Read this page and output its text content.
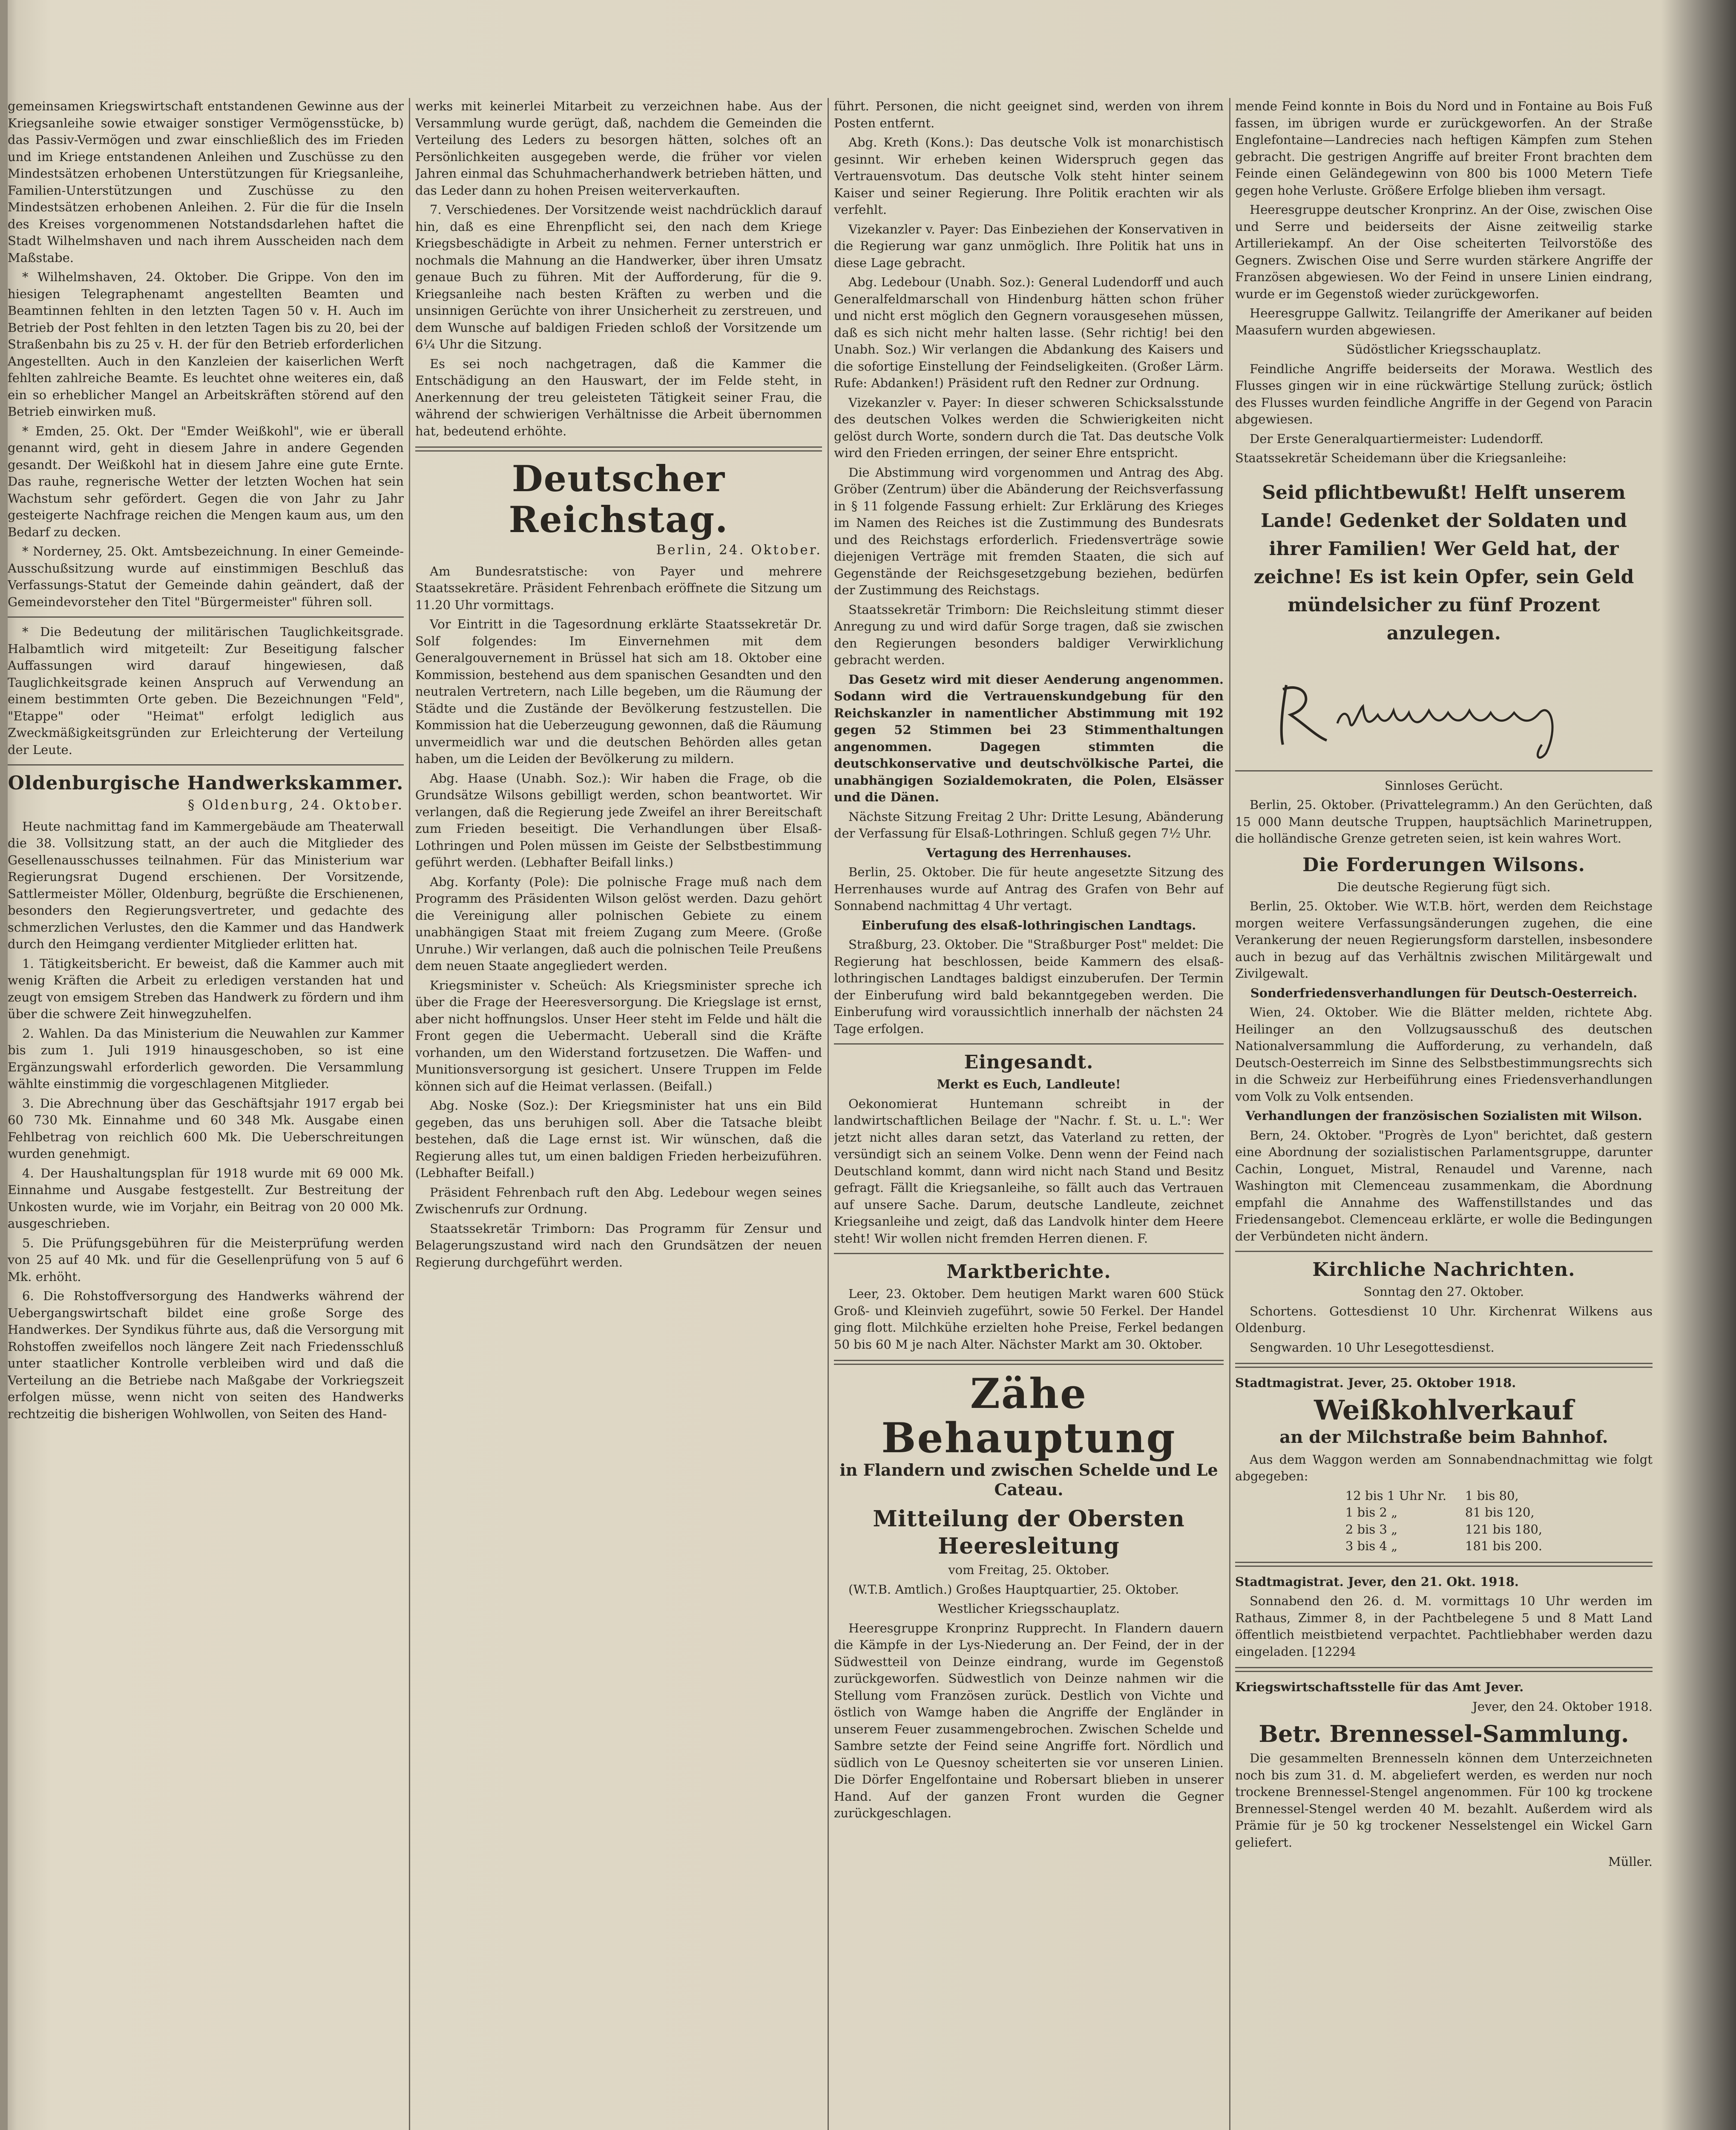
gemeinsamen Kriegswirtschaft entstandenen Gewinne aus der Kriegsanleihe sowie etwaiger sonstiger Vermögensstücke, b) das Passiv-Vermögen und zwar einschließlich des im Frieden und im Kriege entstandenen Anleihen und Zuschüsse zu den Mindestsätzen erhobenen Unterstützungen für Kriegsanleihe, Familien-Unterstützungen und Zuschüsse zu den Mindestsätzen erhobenen Anleihen. 2. Für die für die Inseln des Kreises vorgenommenen Notstandsdarlehen haftet die Stadt Wilhelmshaven und nach ihrem Ausscheiden nach dem Maßstabe.

* Wilhelmshaven, 24. Oktober. Die Grippe. Von den im hiesigen Telegraphenamt angestellten Beamten und Beamtinnen fehlten in den letzten Tagen 50 v. H. Auch im Betrieb der Post fehlten in den letzten Tagen bis zu 20, bei der Straßenbahn bis zu 25 v. H. der für den Betrieb erforderlichen Angestellten. Auch in den Kanzleien der kaiserlichen Werft fehlten zahlreiche Beamte. Es leuchtet ohne weiteres ein, daß ein so erheblicher Mangel an Arbeitskräften störend auf den Betrieb einwirken muß.

* Emden, 25. Okt. Der "Emder Weißkohl", wie er überall genannt wird, geht in diesem Jahre in andere Gegenden gesandt. Der Weißkohl hat in diesem Jahre eine gute Ernte. Das rauhe, regnerische Wetter der letzten Wochen hat sein Wachstum sehr gefördert. Gegen die von Jahr zu Jahr gesteigerte Nachfrage reichen die Mengen kaum aus, um den Bedarf zu decken.

* Norderney, 25. Okt. Amtsbezeichnung. In einer Gemeinde-Ausschußsitzung wurde auf einstimmigen Beschluß das Verfassungs-Statut der Gemeinde dahin geändert, daß der Gemeindevorsteher den Titel "Bürgermeister" führen soll.

* Die Bedeutung der militärischen Tauglichkeitsgrade. Halbamtlich wird mitgeteilt: Zur Beseitigung falscher Auffassungen wird darauf hingewiesen, daß Tauglichkeitsgrade keinen Anspruch auf Verwendung an einem bestimmten Orte geben. Die Bezeichnungen "Feld", "Etappe" oder "Heimat" erfolgt lediglich aus Zweckmäßigkeitsgründen zur Erleichterung der Verteilung der Leute.

Oldenburgische Handwerkskammer.
§ Oldenburg, 24. Oktober.

Heute nachmittag fand im Kammergebäude am Theaterwall die 38. Vollsitzung statt, an der auch die Mitglieder des Gesellenausschusses teilnahmen. Für das Ministerium war Regierungsrat Dugend erschienen. Der Vorsitzende, Sattlermeister Möller, Oldenburg, begrüßte die Erschienenen, besonders den Regierungsvertreter, und gedachte des schmerzlichen Verlustes, den die Kammer und das Handwerk durch den Heimgang verdienter Mitglieder erlitten hat.

1. Tätigkeitsbericht. Er beweist, daß die Kammer auch mit wenig Kräften die Arbeit zu erledigen verstanden hat und zeugt von emsigem Streben das Handwerk zu fördern und ihm über die schwere Zeit hinwegzuhelfen.

2. Wahlen. Da das Ministerium die Neuwahlen zur Kammer bis zum 1. Juli 1919 hinausgeschoben, so ist eine Ergänzungswahl erforderlich geworden. Die Versammlung wählte einstimmig die vorgeschlagenen Mitglieder.

3. Die Abrechnung über das Geschäftsjahr 1917 ergab bei 60 730 Mk. Einnahme und 60 348 Mk. Ausgabe einen Fehlbetrag von reichlich 600 Mk. Die Ueberschreitungen wurden genehmigt.

4. Der Haushaltungsplan für 1918 wurde mit 69 000 Mk. Einnahme und Ausgabe festgestellt. Zur Bestreitung der Unkosten wurde, wie im Vorjahr, ein Beitrag von 20 000 Mk. ausgeschrieben.

5. Die Prüfungsgebühren für die Meisterprüfung werden von 25 auf 40 Mk. und für die Gesellenprüfung von 5 auf 6 Mk. erhöht.

6. Die Rohstoffversorgung des Handwerks während der Uebergangswirtschaft bildet eine große Sorge des Handwerkes. Der Syndikus führte aus, daß die Versorgung mit Rohstoffen zweifellos noch längere Zeit nach Friedensschluß unter staatlicher Kontrolle verbleiben wird und daß die Verteilung an die Betriebe nach Maßgabe der Vorkriegszeit erfolgen müsse, wenn nicht von seiten des Handwerks rechtzeitig die bisherigen Wohlwollen, von Seiten des Hand-

werks mit keinerlei Mitarbeit zu verzeichnen habe. Aus der Versammlung wurde gerügt, daß, nachdem die Gemeinden die Verteilung des Leders zu besorgen hätten, solches oft an Persönlichkeiten ausgegeben werde, die früher vor vielen Jahren einmal das Schuhmacherhandwerk betrieben hätten, und das Leder dann zu hohen Preisen weiterverkauften.

7. Verschiedenes. Der Vorsitzende weist nachdrücklich darauf hin, daß es eine Ehrenpflicht sei, den nach dem Kriege Kriegsbeschädigte in Arbeit zu nehmen. Ferner unterstrich er nochmals die Mahnung an die Handwerker, über ihren Umsatz genaue Buch zu führen. Mit der Aufforderung, für die 9. Kriegsanleihe nach besten Kräften zu werben und die unsinnigen Gerüchte von ihrer Unsicherheit zu zerstreuen, und dem Wunsche auf baldigen Frieden schloß der Vorsitzende um 6¼ Uhr die Sitzung.

Es sei noch nachgetragen, daß die Kammer die Entschädigung an den Hauswart, der im Felde steht, in Anerkennung der treu geleisteten Tätigkeit seiner Frau, die während der schwierigen Verhältnisse die Arbeit übernommen hat, bedeutend erhöhte.

Deutscher Reichstag.
Berlin, 24. Oktober.

Am Bundesratstische: von Payer und mehrere Staatssekretäre. Präsident Fehrenbach eröffnete die Sitzung um 11.20 Uhr vormittags.

Vor Eintritt in die Tagesordnung erklärte Staatssekretär Dr. Solf folgendes: Im Einvernehmen mit dem Generalgouvernement in Brüssel hat sich am 18. Oktober eine Kommission, bestehend aus dem spanischen Gesandten und den neutralen Vertretern, nach Lille begeben, um die Räumung der Städte und die Zustände der Bevölkerung festzustellen. Die Kommission hat die Ueberzeugung gewonnen, daß die Räumung unvermeidlich war und die deutschen Behörden alles getan haben, um die Leiden der Bevölkerung zu mildern.

Abg. Haase (Unabh. Soz.): Wir haben die Frage, ob die Grundsätze Wilsons gebilligt werden, schon beantwortet. Wir verlangen, daß die Regierung jede Zweifel an ihrer Bereitschaft zum Frieden beseitigt. Die Verhandlungen über Elsaß-Lothringen und Polen müssen im Geiste der Selbstbestimmung geführt werden. (Lebhafter Beifall links.)

Abg. Korfanty (Pole): Die polnische Frage muß nach dem Programm des Präsidenten Wilson gelöst werden. Dazu gehört die Vereinigung aller polnischen Gebiete zu einem unabhängigen Staat mit freiem Zugang zum Meere. (Große Unruhe.) Wir verlangen, daß auch die polnischen Teile Preußens dem neuen Staate angegliedert werden.

Kriegsminister v. Scheüch: Als Kriegsminister spreche ich über die Frage der Heeresversorgung. Die Kriegslage ist ernst, aber nicht hoffnungslos. Unser Heer steht im Felde und hält die Front gegen die Uebermacht. Ueberall sind die Kräfte vorhanden, um den Widerstand fortzusetzen. Die Waffen- und Munitionsversorgung ist gesichert. Unsere Truppen im Felde können sich auf die Heimat verlassen. (Beifall.)

Abg. Noske (Soz.): Der Kriegsminister hat uns ein Bild gegeben, das uns beruhigen soll. Aber die Tatsache bleibt bestehen, daß die Lage ernst ist. Wir wünschen, daß die Regierung alles tut, um einen baldigen Frieden herbeizuführen. (Lebhafter Beifall.)

Präsident Fehrenbach ruft den Abg. Ledebour wegen seines Zwischenrufs zur Ordnung.

Staatssekretär Trimborn: Das Programm für Zensur und Belagerungszustand wird nach den Grundsätzen der neuen Regierung durchgeführt werden.

führt. Personen, die nicht geeignet sind, werden von ihrem Posten entfernt.

Abg. Kreth (Kons.): Das deutsche Volk ist monarchistisch gesinnt. Wir erheben keinen Widerspruch gegen das Vertrauensvotum. Das deutsche Volk steht hinter seinem Kaiser und seiner Regierung. Ihre Politik erachten wir als verfehlt.

Vizekanzler v. Payer: Das Einbeziehen der Konservativen in die Regierung war ganz unmöglich. Ihre Politik hat uns in diese Lage gebracht.

Abg. Ledebour (Unabh. Soz.): General Ludendorff und auch Generalfeldmarschall von Hindenburg hätten schon früher und nicht erst möglich den Gegnern vorausgesehen müssen, daß es sich nicht mehr halten lasse. (Sehr richtig! bei den Unabh. Soz.) Wir verlangen die Abdankung des Kaisers und die sofortige Einstellung der Feindseligkeiten. (Großer Lärm. Rufe: Abdanken!) Präsident ruft den Redner zur Ordnung.

Vizekanzler v. Payer: In dieser schweren Schicksalsstunde des deutschen Volkes werden die Schwierigkeiten nicht gelöst durch Worte, sondern durch die Tat. Das deutsche Volk wird den Frieden erringen, der seiner Ehre entspricht.

Die Abstimmung wird vorgenommen und Antrag des Abg. Gröber (Zentrum) über die Abänderung der Reichsverfassung in § 11 folgende Fassung erhielt: Zur Erklärung des Krieges im Namen des Reiches ist die Zustimmung des Bundesrats und des Reichstags erforderlich. Friedensverträge sowie diejenigen Verträge mit fremden Staaten, die sich auf Gegenstände der Reichsgesetzgebung beziehen, bedürfen der Zustimmung des Reichstags.

Staatssekretär Trimborn: Die Reichsleitung stimmt dieser Anregung zu und wird dafür Sorge tragen, daß sie zwischen den Regierungen besonders baldiger Verwirklichung gebracht werden.

Das Gesetz wird mit dieser Aenderung angenommen. Sodann wird die Vertrauenskundgebung für den Reichskanzler in namentlicher Abstimmung mit 192 gegen 52 Stimmen bei 23 Stimmenthaltungen angenommen. Dagegen stimmten die deutschkonservative und deutschvölkische Partei, die unabhängigen Sozialdemokraten, die Polen, Elsässer und die Dänen.

Nächste Sitzung Freitag 2 Uhr: Dritte Lesung, Abänderung der Verfassung für Elsaß-Lothringen. Schluß gegen 7½ Uhr.

Vertagung des Herrenhauses.

Berlin, 25. Oktober. Die für heute angesetzte Sitzung des Herrenhauses wurde auf Antrag des Grafen von Behr auf Sonnabend nachmittag 4 Uhr vertagt.

Einberufung des elsaß-lothringischen Landtags.

Straßburg, 23. Oktober. Die "Straßburger Post" meldet: Die Regierung hat beschlossen, beide Kammern des elsaß-lothringischen Landtages baldigst einzuberufen. Der Termin der Einberufung wird bald bekanntgegeben werden. Die Einberufung wird voraussichtlich innerhalb der nächsten 24 Tage erfolgen.

Eingesandt.

Merkt es Euch, Landleute!

Oekonomierat Huntemann schreibt in der landwirtschaftlichen Beilage der "Nachr. f. St. u. L.": Wer jetzt nicht alles daran setzt, das Vaterland zu retten, der versündigt sich an seinem Volke. Denn wenn der Feind nach Deutschland kommt, dann wird nicht nach Stand und Besitz gefragt. Fällt die Kriegsanleihe, so fällt auch das Vertrauen auf unsere Sache. Darum, deutsche Landleute, zeichnet Kriegsanleihe und zeigt, daß das Landvolk hinter dem Heere steht! Wir wollen nicht fremden Herren dienen. F.

Marktberichte.

Leer, 23. Oktober. Dem heutigen Markt waren 600 Stück Groß- und Kleinvieh zugeführt, sowie 50 Ferkel. Der Handel ging flott. Milchkühe erzielten hohe Preise, Ferkel bedangen 50 bis 60 M je nach Alter. Nächster Markt am 30. Oktober.

Zähe Behauptung
in Flandern und zwischen Schelde und Le Cateau.
Mitteilung der Obersten Heeresleitung

vom Freitag, 25. Oktober.

(W.T.B. Amtlich.) Großes Hauptquartier, 25. Oktober.

Westlicher Kriegsschauplatz.

Heeresgruppe Kronprinz Rupprecht. In Flandern dauern die Kämpfe in der Lys-Niederung an. Der Feind, der in der Südwestteil von Deinze eindrang, wurde im Gegenstoß zurückgeworfen. Südwestlich von Deinze nahmen wir die Stellung vom Französen zurück. Destlich von Vichte und östlich von Wamge haben die Angriffe der Engländer in unserem Feuer zusammengebrochen. Zwischen Schelde und Sambre setzte der Feind seine Angriffe fort. Nördlich und südlich von Le Quesnoy scheiterten sie vor unseren Linien. Die Dörfer Engelfontaine und Robersart blieben in unserer Hand. Auf der ganzen Front wurden die Gegner zurückgeschlagen.

mende Feind konnte in Bois du Nord und in Fontaine au Bois Fuß fassen, im übrigen wurde er zurückgeworfen. An der Straße Englefontaine—Landrecies nach heftigen Kämpfen zum Stehen gebracht. Die gestrigen Angriffe auf breiter Front brachten dem Feinde einen Geländegewinn von 800 bis 1000 Metern Tiefe gegen hohe Verluste. Größere Erfolge blieben ihm versagt.

Heeresgruppe deutscher Kronprinz. An der Oise, zwischen Oise und Serre und beiderseits der Aisne zeitweilig starke Artilleriekampf. An der Oise scheiterten Teilvorstöße des Gegners. Zwischen Oise und Serre wurden stärkere Angriffe der Französen abgewiesen. Wo der Feind in unsere Linien eindrang, wurde er im Gegenstoß wieder zurückgeworfen.

Heeresgruppe Gallwitz. Teilangriffe der Amerikaner auf beiden Maasufern wurden abgewiesen.

Südöstlicher Kriegsschauplatz.

Feindliche Angriffe beiderseits der Morawa. Westlich des Flusses gingen wir in eine rückwärtige Stellung zurück; östlich des Flusses wurden feindliche Angriffe in der Gegend von Paracin abgewiesen.

Der Erste Generalquartiermeister: Ludendorff.

Staatssekretär Scheidemann über die Kriegsanleihe:

Seid pflichtbewußt! Helft unserem Lande! Gedenket der Soldaten und ihrer Familien! Wer Geld hat, der zeichne! Es ist kein Opfer, sein Geld mündelsicher zu fünf Prozent anzulegen.

Sinnloses Gerücht.

Berlin, 25. Oktober. (Privattelegramm.) An den Gerüchten, daß 15 000 Mann deutsche Truppen, hauptsächlich Marinetruppen, die holländische Grenze getreten seien, ist kein wahres Wort.

Die Forderungen Wilsons.

Die deutsche Regierung fügt sich.

Berlin, 25. Oktober. Wie W.T.B. hört, werden dem Reichstage morgen weitere Verfassungsänderungen zugehen, die eine Verankerung der neuen Regierungsform darstellen, insbesondere auch in bezug auf das Verhältnis zwischen Militärgewalt und Zivilgewalt.

Sonderfriedensverhandlungen für Deutsch-Oesterreich.

Wien, 24. Oktober. Wie die Blätter melden, richtete Abg. Heilinger an den Vollzugsausschuß des deutschen Nationalversammlung die Aufforderung, zu verhandeln, daß Deutsch-Oesterreich im Sinne des Selbstbestimmungsrechts sich in die Schweiz zur Herbeiführung eines Friedensverhandlungen vom Volk zu Volk entsenden.

Verhandlungen der französischen Sozialisten mit Wilson.

Bern, 24. Oktober. "Progrès de Lyon" berichtet, daß gestern eine Abordnung der sozialistischen Parlamentsgruppe, darunter Cachin, Longuet, Mistral, Renaudel und Varenne, nach Washington mit Clemenceau zusammenkam, die Abordnung empfahl die Annahme des Waffenstillstandes und das Friedensangebot. Clemenceau erklärte, er wolle die Bedingungen der Verbündeten nicht ändern.

Kirchliche Nachrichten.

Sonntag den 27. Oktober.

Schortens. Gottesdienst 10 Uhr. Kirchenrat Wilkens aus Oldenburg.

Sengwarden. 10 Uhr Lesegottesdienst.

Stadtmagistrat. Jever, 25. Oktober 1918.

Weißkohlverkauf
an der Milchstraße beim Bahnhof.

Aus dem Waggon werden am Sonnabendnachmittag wie folgt abgegeben:

12 bis 1 Uhr Nr.	1 bis 80,
1 bis 2 „	81 bis 120,
2 bis 3 „	121 bis 180,
3 bis 4 „	181 bis 200.

Stadtmagistrat. Jever, den 21. Okt. 1918.

Sonnabend den 26. d. M. vormittags 10 Uhr werden im Rathaus, Zimmer 8, in der Pachtbelegene 5 und 8 Matt Land öffentlich meistbietend verpachtet. Pachtliebhaber werden dazu eingeladen. [12294

Kriegswirtschaftsstelle für das Amt Jever.

Jever, den 24. Oktober 1918.

Betr. Brennessel-Sammlung.

Die gesammelten Brennesseln können dem Unterzeichneten noch bis zum 31. d. M. abgeliefert werden, es werden nur noch trockene Brennessel-Stengel angenommen. Für 100 kg trockene Brennessel-Stengel werden 40 M. bezahlt. Außerdem wird als Prämie für je 50 kg trockener Nesselstengel ein Wickel Garn geliefert.

Müller.
